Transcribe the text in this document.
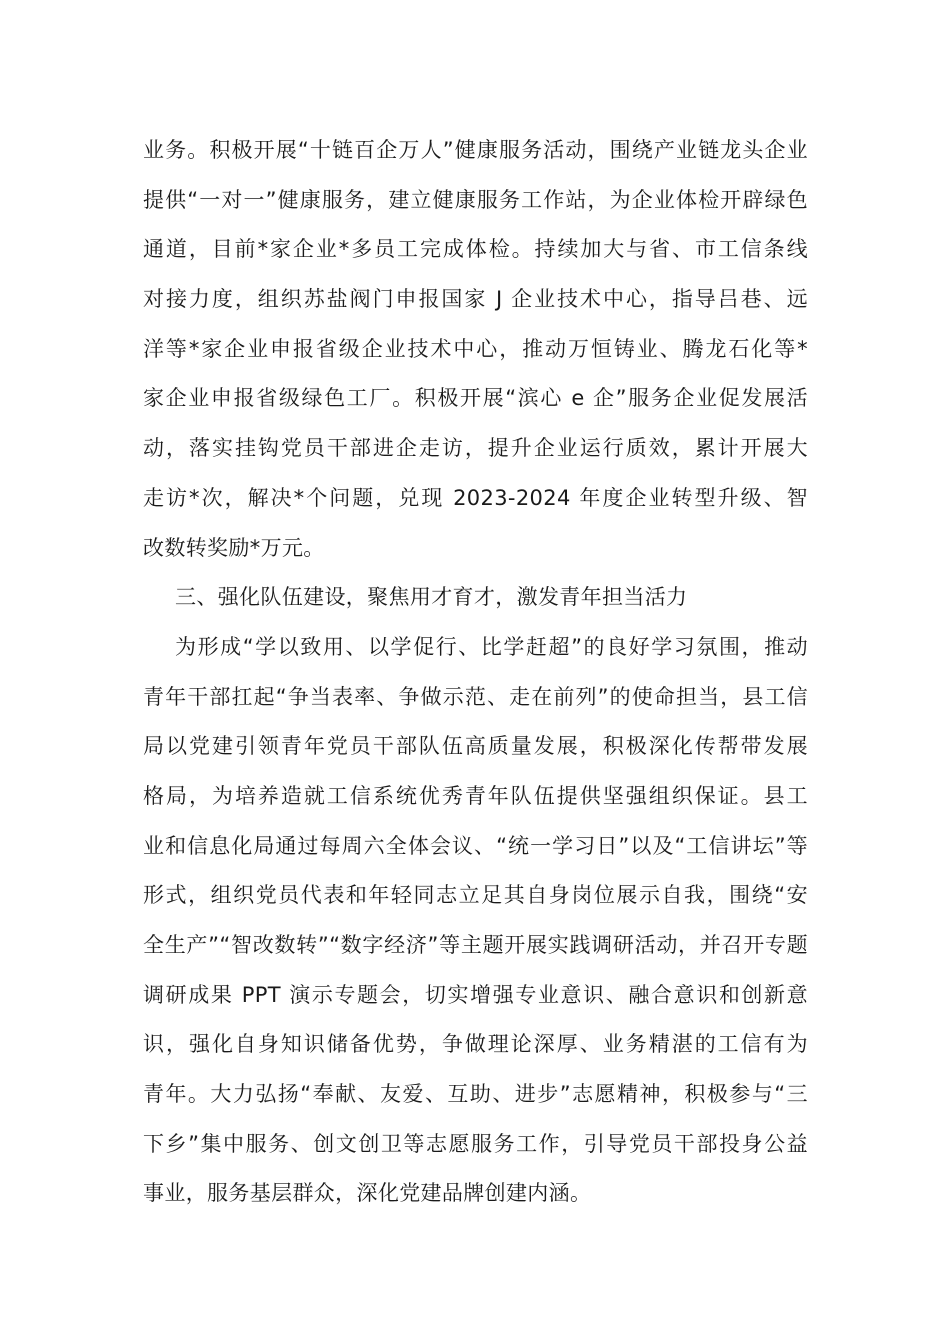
业务。积极开展“十链百企万人”健康服务活动，围绕产业链龙头企业
提供“一对一”健康服务，建立健康服务工作站，为企业体检开辟绿色
通道，目前*家企业*多员工完成体检。持续加大与省、市工信条线
对接力度，组织苏盐阀门申报国家 J 企业技术中心，指导吕巷、远
洋等*家企业申报省级企业技术中心，推动万恒铸业、腾龙石化等*
家企业申报省级绿色工厂。积极开展“滨心 e 企”服务企业促发展活
动，落实挂钩党员干部进企走访，提升企业运行质效，累计开展大
走访*次，解决*个问题，兑现 2023-2024 年度企业转型升级、智
改数转奖励*万元。
三、强化队伍建设，聚焦用才育才，激发青年担当活力
为形成“学以致用、以学促行、比学赶超”的良好学习氛围，推动
青年干部扛起“争当表率、争做示范、走在前列”的使命担当，县工信
局以党建引领青年党员干部队伍高质量发展，积极深化传帮带发展
格局，为培养造就工信系统优秀青年队伍提供坚强组织保证。县工
业和信息化局通过每周六全体会议、“统一学习日”以及“工信讲坛”等
形式，组织党员代表和年轻同志立足其自身岗位展示自我，围绕“安
全生产”“智改数转”“数字经济”等主题开展实践调研活动，并召开专题
调研成果 PPT 演示专题会，切实增强专业意识、融合意识和创新意
识，强化自身知识储备优势，争做理论深厚、业务精湛的工信有为
青年。大力弘扬“奉献、友爱、互助、进步”志愿精神，积极参与“三
下乡”集中服务、创文创卫等志愿服务工作，引导党员干部投身公益
事业，服务基层群众，深化党建品牌创建内涵。
